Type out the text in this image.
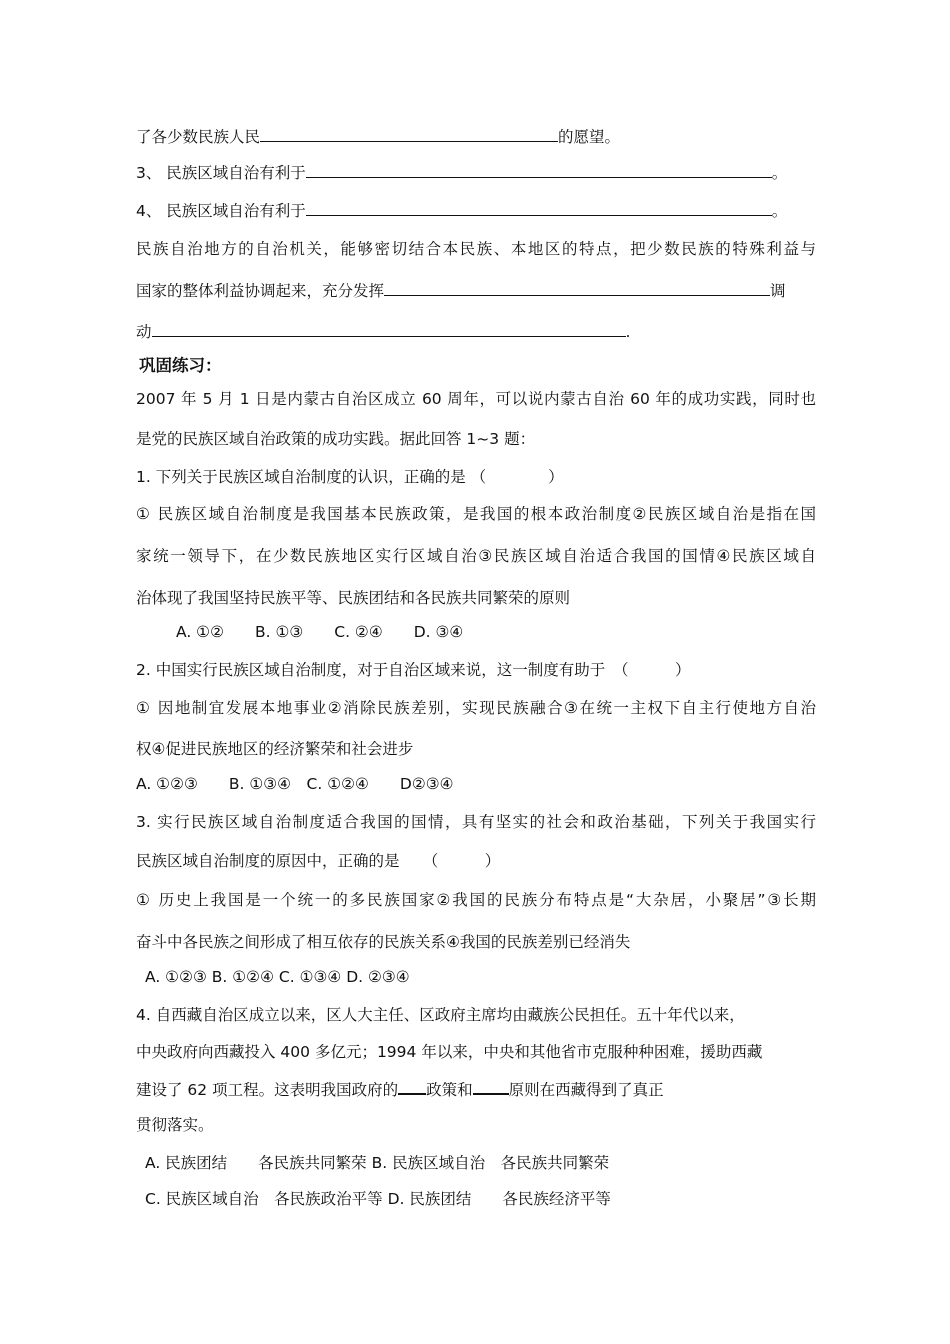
了各少数民族人民	的愿望。
3、 民族区域自治有利于	。
4、 民族区域自治有利于	。
民族自治地方的自治机关，能够密切结合本民族、本地区的特点，把少数民族的特殊利益与
国家的整体利益协调起来，充分发挥	调
动	.
巩固练习：
2007 年 5 月 1 日是内蒙古自治区成立 60 周年，可以说内蒙古自治 60 年的成功实践，同时也
是党的民族区域自治政策的成功实践。据此回答 1~3 题：
1. 下列关于民族区域自治制度的认识，正确的是 （　　　　）
① 民族区域自治制度是我国基本民族政策，是我国的根本政治制度②民族区域自治是指在国
家统一领导下，在少数民族地区实行区域自治③民族区域自治适合我国的国情④民族区域自
治体现了我国坚持民族平等、民族团结和各民族共同繁荣的原则
A. ①②　　B. ①③　　C. ②④　　D. ③④
2. 中国实行民族区域自治制度，对于自治区域来说，这一制度有助于　（　　　）
① 因地制宜发展本地事业②消除民族差别，实现民族融合③在统一主权下自主行使地方自治
权④促进民族地区的经济繁荣和社会进步
A. ①②③　　B. ①③④　C. ①②④　　D②③④
3. 实行民族区域自治制度适合我国的国情，具有坚实的社会和政治基础，下列关于我国实行
民族区域自治制度的原因中，正确的是　　（　　　）
① 历史上我国是一个统一的多民族国家②我国的民族分布特点是“大杂居，小聚居”③长期
奋斗中各民族之间形成了相互依存的民族关系④我国的民族差别已经消失
A. ①②③ B. ①②④ C. ①③④ D. ②③④
4. 自西藏自治区成立以来，区人大主任、区政府主席均由藏族公民担任。五十年代以来，
中央政府向西藏投入 400 多亿元；1994 年以来，中央和其他省市克服种种困难，援助西藏
建设了 62 项工程。这表明我国政府的 政策和 原则在西藏得到了真正
贯彻落实。
A. 民族团结　　各民族共同繁荣 B. 民族区域自治　各民族共同繁荣
C. 民族区域自治　各民族政治平等 D. 民族团结　　各民族经济平等
